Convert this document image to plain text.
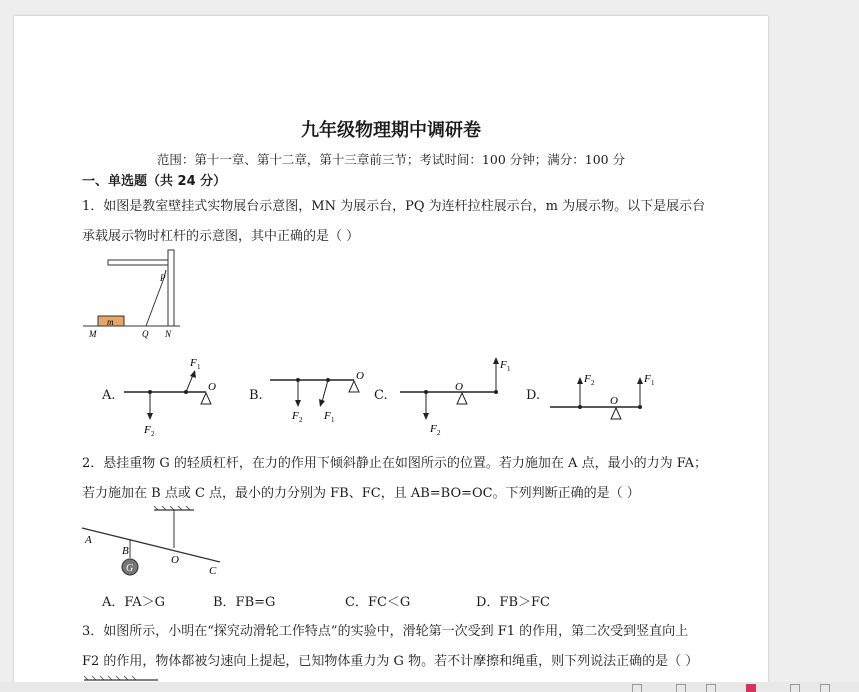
九年级物理期中调研卷
范围：第十一章、第十二章，第十三章前三节；考试时间：100 分钟；满分：100 分
一、单选题（共 24 分）
1．如图是教室壁挂式实物展台示意图，MN 为展示台，PQ 为连杆拉柱展示台，m 为展示物。以下是展示台
承载展示物时杠杆的示意图，其中正确的是（ ）
m
M	Q N
P
A.
O
F 2
F 1
B.
O
F 2 F 1
C.
O
F 2
F 1
D.	O
F 2	F 1
2．悬挂重物 G 的轻质杠杆，在力的作用下倾斜静止在如图所示的位置。若力施加在 A 点，最小的力为 FA；
若力施加在 B 点或 C 点，最小的力分别为 FB、FC，且 AB=BO=OC。下列判断正确的是（ ）
G
A
B
O
C
A．FA＞G	B．FB=G	C．FC＜G	D．FB＞FC
3．如图所示，小明在“探究动滑轮工作特点”的实验中，滑轮第一次受到 F1 的作用，第二次受到竖直向上
F2 的作用，物体都被匀速向上提起，已知物体重力为 G 物。若不计摩擦和绳重，则下列说法正确的是（ ）
